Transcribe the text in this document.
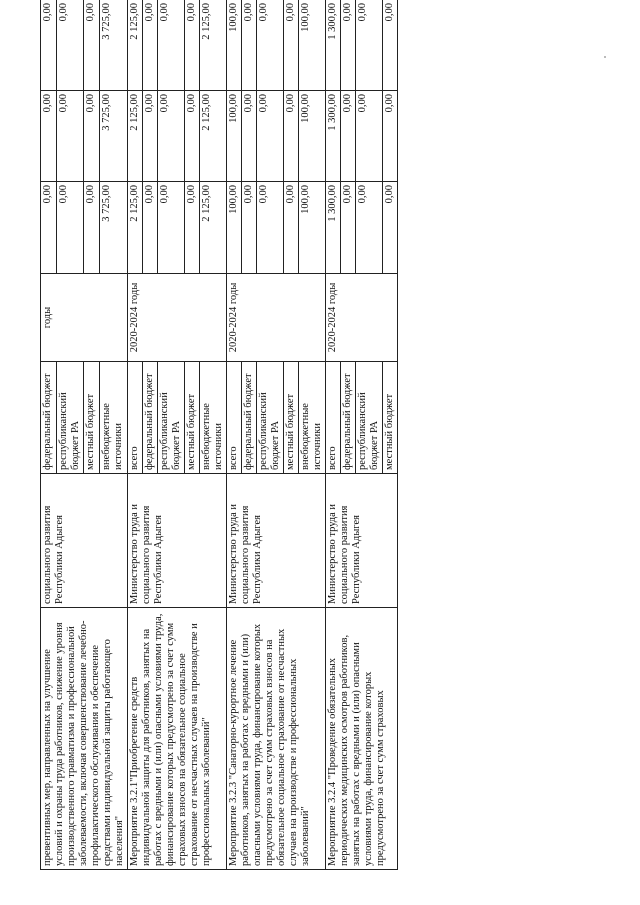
превентивных мер, направленных на улучшение условий и охраны труда работников, снижение уровня производственного травматизма и профессиональной заболеваемости, включая совершенствование лечебно-профилактического обслуживания и обеспечение средствами индивидуальной защиты работающего населения"	социального развития Республики Адыгея	федеральный бюджет	годы	0,00	0,00	0,00
		республиканский бюджет РА		0,00	0,00	0,00
		местный бюджет		0,00	0,00	0,00
		внебюджетные источники		3 725,00	3 725,00	3 725,00
Мероприятие 3.2.1"Приобретение средств индивидуальной защиты для работников, занятых на работах с вредными и (или) опасными условиями труда, финансирование которых предусмотрено за счет сумм страховых взносов на обязательное социальное страхование от несчастных случаев на производстве и профессиональных заболеваний"	Министерство труда и социального развития Республики Адыгея	всего	2020-2024 годы	2 125,00	2 125,00	2 125,00
		федеральный бюджет		0,00	0,00	0,00
		республиканский бюджет РА		0,00	0,00	0,00
		местный бюджет		0,00	0,00	0,00
		внебюджетные источники		2 125,00	2 125,00	2 125,00
Мероприятие 3.2.3 "Санаторно-курортное лечение работников, занятых на работах с вредными и (или) опасными условиями труда, финансирование которых предусмотрено за счет сумм страховых взносов на обязательное социальное страхование от несчастных случаев на производстве и профессиональных заболеваний"	Министерство труда и социального развития Республики Адыгея	всего	2020-2024 годы	100,00	100,00	100,00
		федеральный бюджет		0,00	0,00	0,00
		республиканский бюджет РА		0,00	0,00	0,00
		местный бюджет		0,00	0,00	0,00
		внебюджетные источники		100,00	100,00	100,00
Мероприятие 3.2.4 "Проведение обязательных периодических медицинских осмотров работников, занятых на работах с вредными и (или) опасными условиями труда, финансирование которых предусмотрено за счет сумм страховых	Министерство труда и социального развития Республики Адыгея	всего	2020-2024 годы	1 300,00	1 300,00	1 300,00
		федеральный бюджет		0,00	0,00	0,00
		республиканский бюджет РА		0,00	0,00	0,00
		местный бюджет		0,00	0,00	0,00
